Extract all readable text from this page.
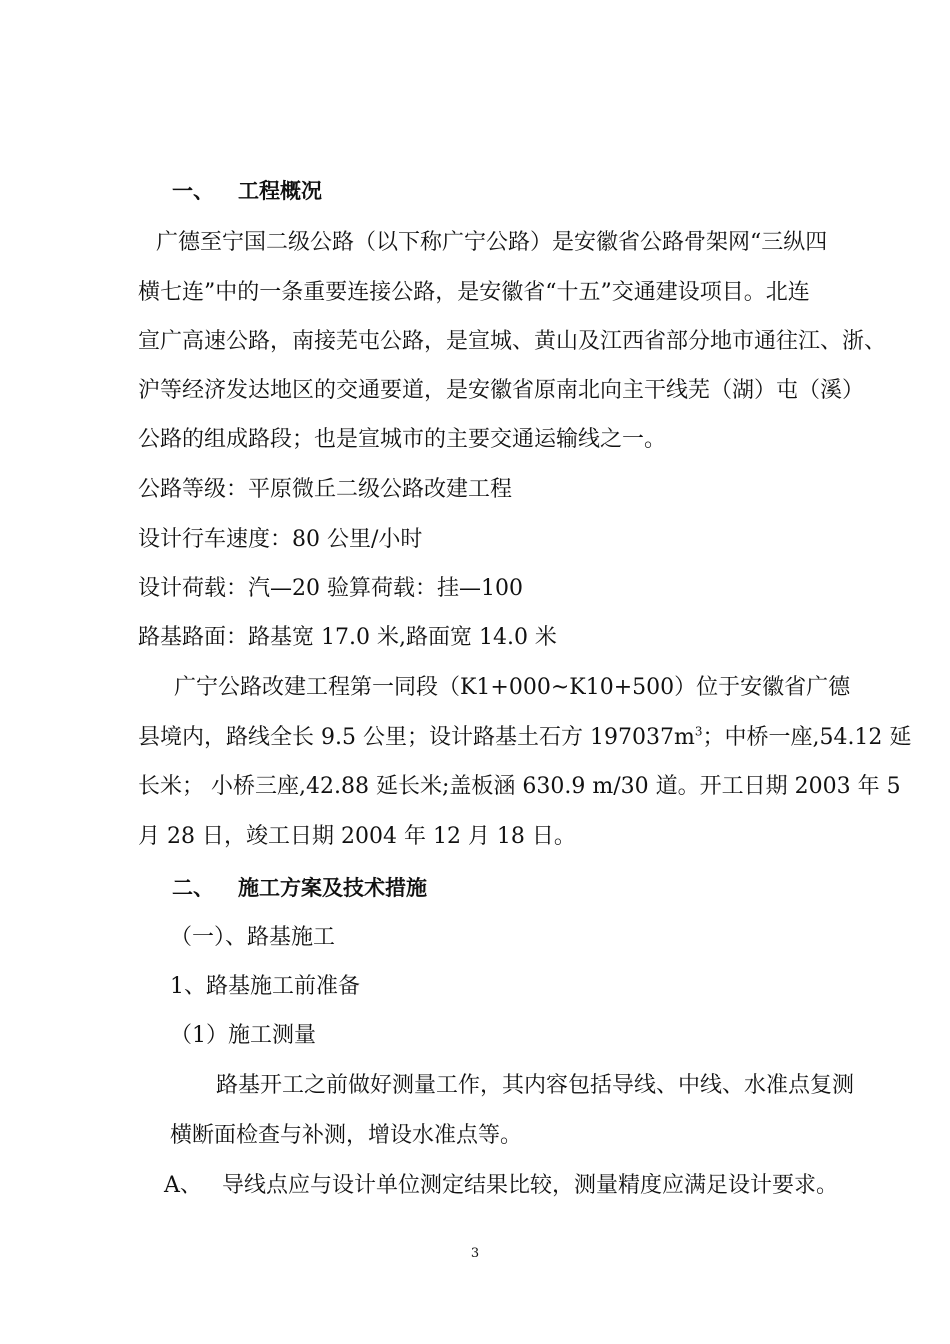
一、 工程概况
广德至宁国二级公路（以下称广宁公路）是安徽省公路骨架网“三纵四
横七连”中的一条重要连接公路，是安徽省“十五”交通建设项目。北连
宣广高速公路，南接芜屯公路，是宣城、黄山及江西省部分地市通往江、浙、
沪等经济发达地区的交通要道，是安徽省原南北向主干线芜（湖）屯（溪）
公路的组成路段；也是宣城市的主要交通运输线之一。
公路等级：平原微丘二级公路改建工程
设计行车速度：80 公里/小时
设计荷载：汽—20 验算荷载：挂—100
路基路面：路基宽 17.0 米,路面宽 14.0 米
广宁公路改建工程第一同段（K1+000~K10+500）位于安徽省广德
县境内，路线全长 9.5 公里；设计路基土石方 $197037m^3$；中桥一座,54.12 延
长米； 小桥三座,42.88 延长米;盖板涵 630.9 m/30 道。开工日期 2003 年 5
月 28 日，竣工日期 2004 年 12 月 18 日。
二、 施工方案及技术措施
（一）、路基施工
1、路基施工前准备
（1）施工测量
路基开工之前做好测量工作，其内容包括导线、中线、水准点复测
横断面检查与补测，增设水准点等。
A、 导线点应与设计单位测定结果比较，测量精度应满足设计要求。
3
